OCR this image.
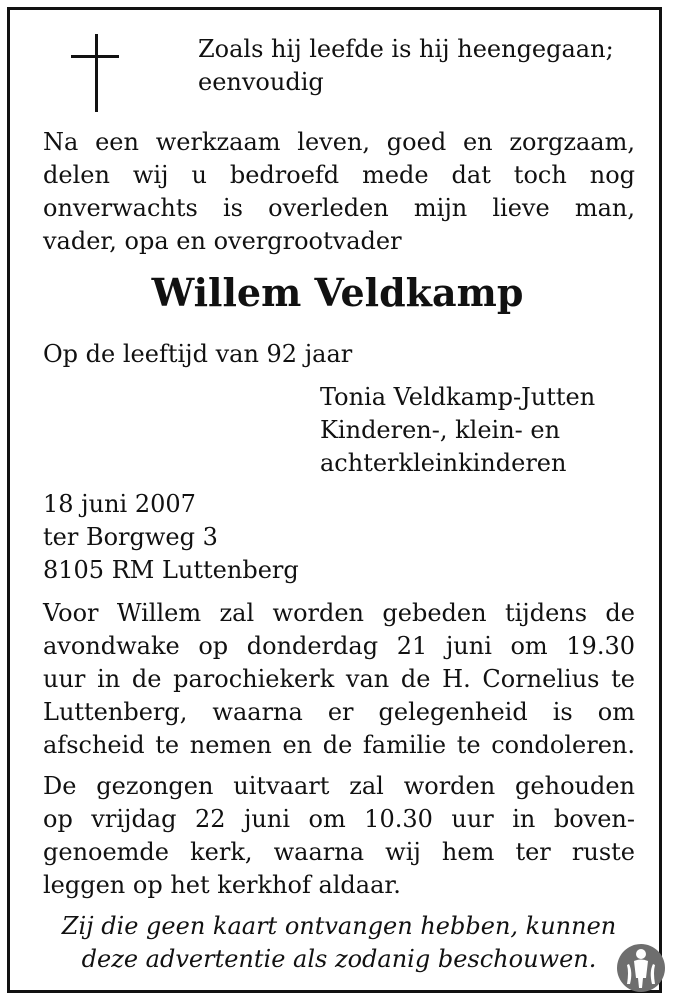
Zoals hij leefde is hij heengegaan;
eenvoudig
Na een werkzaam leven, goed en zorgzaam,
delen wij u bedroefd mede dat toch nog
onverwachts is overleden mijn lieve man,
vader, opa en overgrootvader
Willem Veldkamp
Op de leeftijd van 92 jaar
Tonia Veldkamp-Jutten
Kinderen-, klein- en
achterkleinkinderen
18 juni 2007
ter Borgweg 3
8105 RM Luttenberg
Voor Willem zal worden gebeden tijdens de
avondwake op donderdag 21 juni om 19.30
uur in de parochiekerk van de H. Cornelius te
Luttenberg, waarna er gelegenheid is om
afscheid te nemen en de familie te condoleren.
De gezongen uitvaart zal worden gehouden
op vrijdag 22 juni om 10.30 uur in boven-
genoemde kerk, waarna wij hem ter ruste
leggen op het kerkhof aldaar.
Zij die geen kaart ontvangen hebben, kunnen
deze advertentie als zodanig beschouwen.
